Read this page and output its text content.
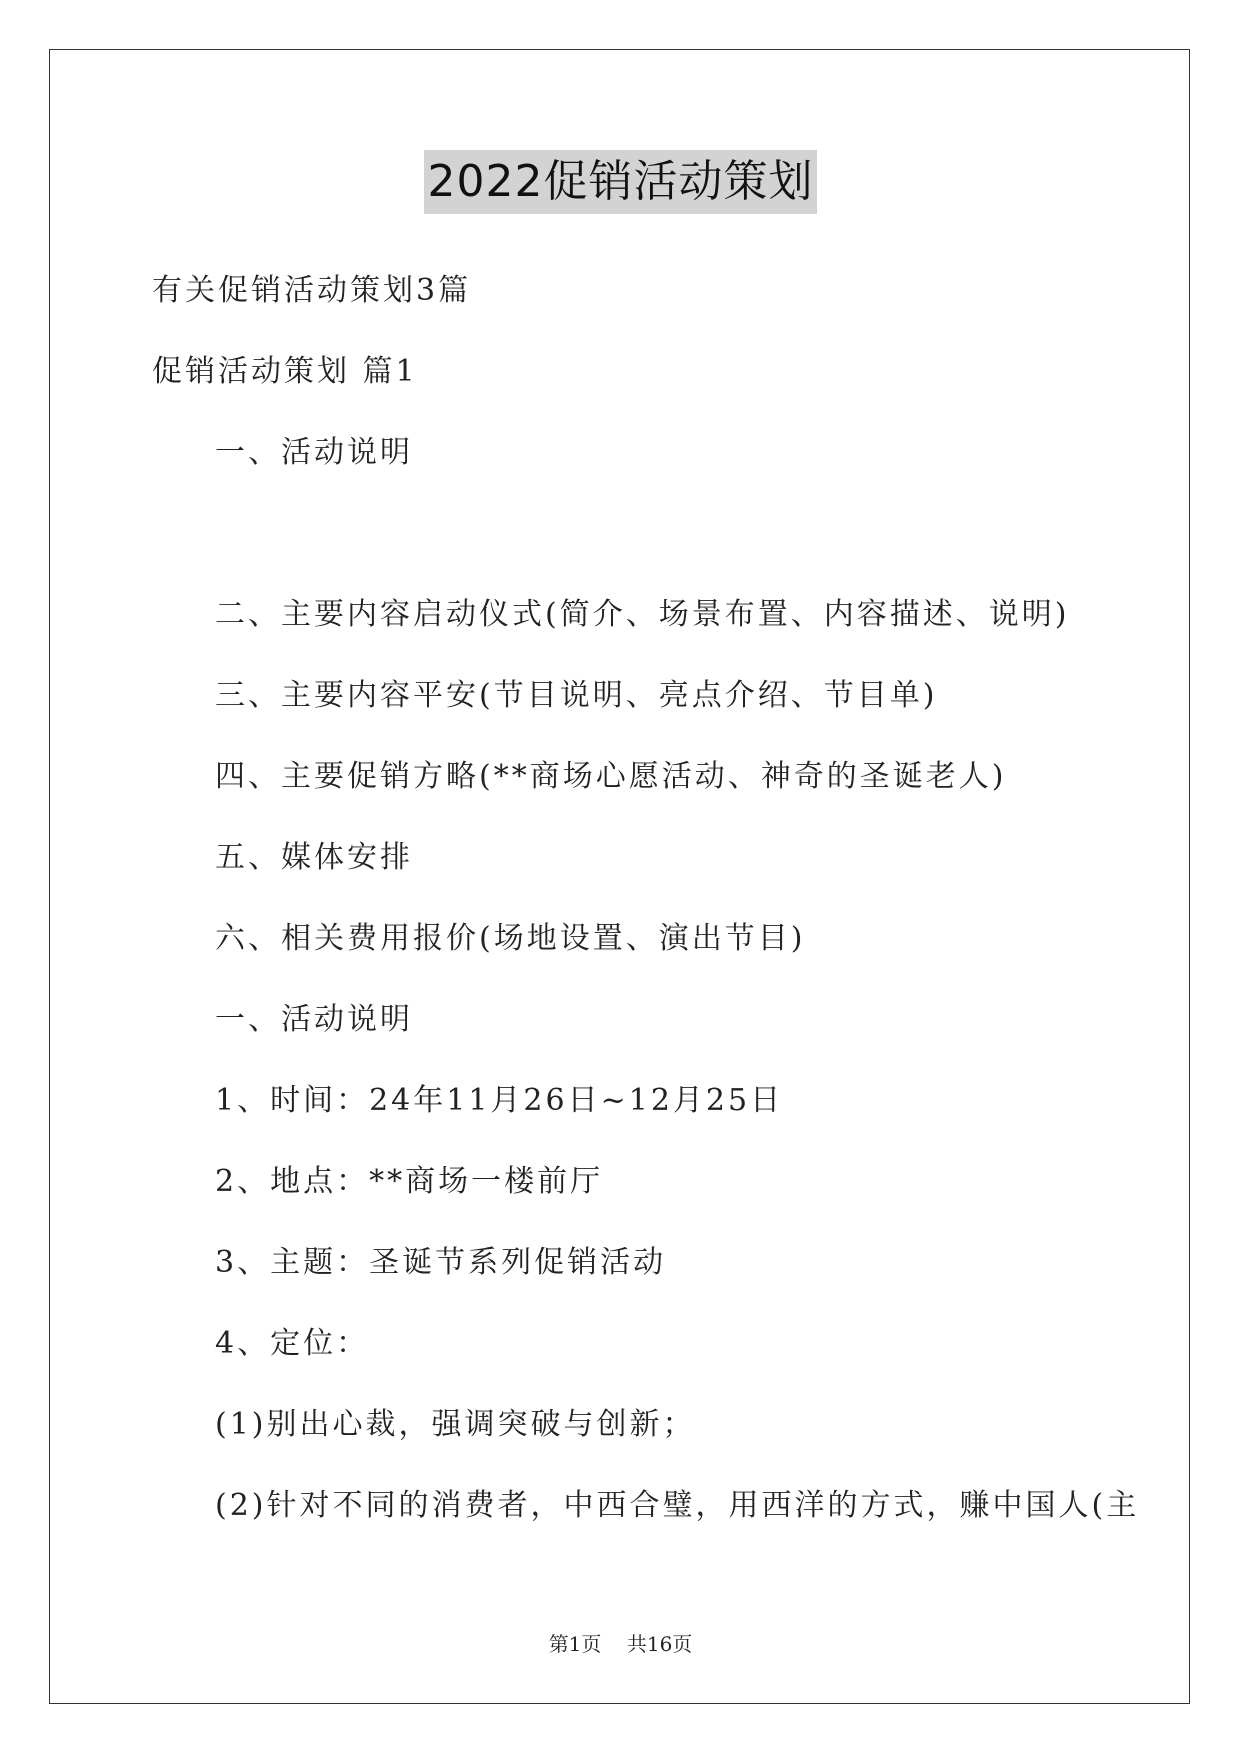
2022促销活动策划
有关促销活动策划3篇
促销活动策划 篇1
一、活动说明
二、主要内容启动仪式(简介、场景布置、内容描述、说明)
三、主要内容平安(节目说明、亮点介绍、节目单)
四、主要促销方略(**商场心愿活动、神奇的圣诞老人)
五、媒体安排
六、相关费用报价(场地设置、演出节目)
一、活动说明
1、时间：24年11月26日~12月25日
2、地点：**商场一楼前厅
3、主题：圣诞节系列促销活动
4、定位：
(1)别出心裁，强调突破与创新；
(2)针对不同的消费者，中西合璧，用西洋的方式，赚中国人(主
第1页    共16页
